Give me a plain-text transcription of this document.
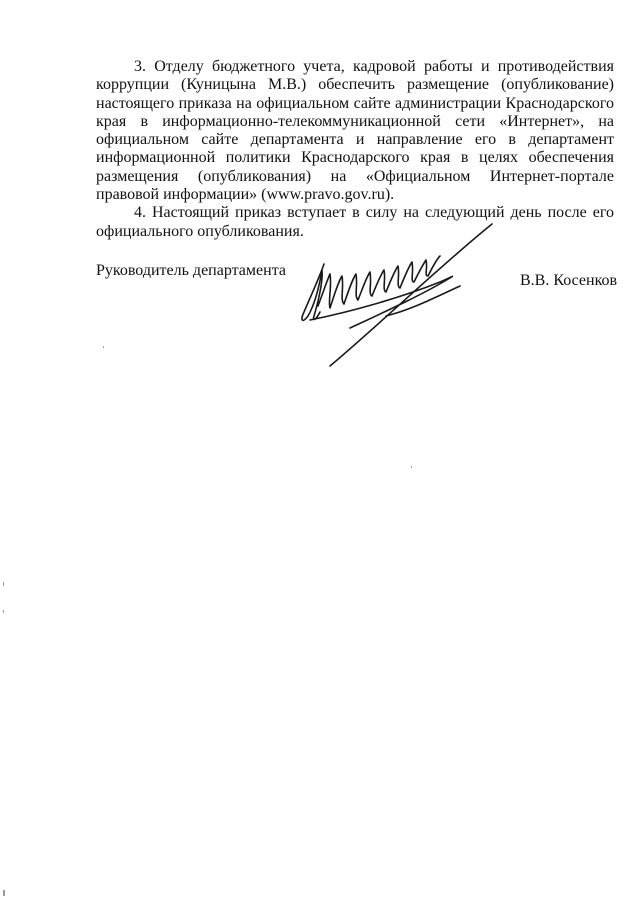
3. Отделу бюджетного учета, кадровой работы и противодействия коррупции (Куницына М.В.) обеспечить размещение (опубликование) настоящего приказа на официальном сайте администрации Краснодарского края в информационно-телекоммуникационной сети «Интернет», на официальном сайте департамента и направление его в департамент информационной политики Краснодарского края в целях обеспечения размещения (опубликования) на «Официальном Интернет-портале правовой информации» (www.pravo.gov.ru).

4. Настоящий приказ вступает в силу на следующий день после его официального опубликования.

Руководитель департамента
В.В. Косенков
